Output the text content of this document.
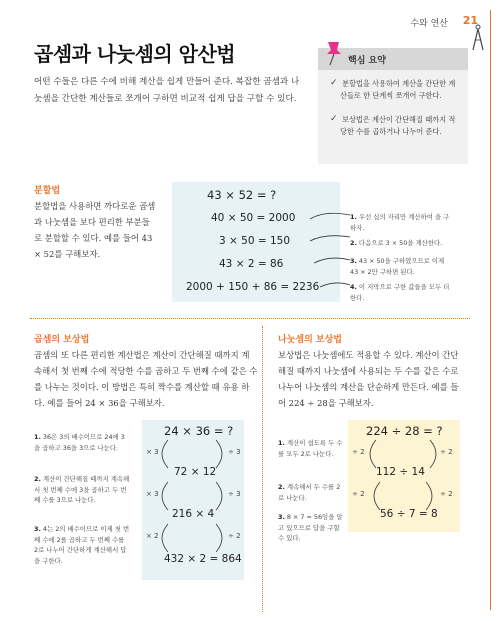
수와 연산 21
곱셈과 나눗셈의 암산법
어떤 수들은 다른 수에 비해 계산을 쉽게 만들어 준다. 복잡한 곱셈과 나눗셈을 간단한 계산들로 쪼개어 구하면 비교적 쉽게 답을 구할 수 있다.
핵심 요약
✓ 분할법을 사용하여 계산을 간단한 계산들로 한 단계씩 쪼개어 구한다.
✓ 보상법은 계산이 간단해질 때까지 적당한 수를 곱하거나 나누어 준다.
분할법
분할법을 사용하면 까다로운 곱셈과 나눗셈을 보다 편리한 부분들로 분할할 수 있다. 예를 들어 43 × 52를 구해보자.
43 × 52 = ?
40 × 50 = 2000
3 × 50 = 150
43 × 2 = 86
2000 + 150 + 86 = 2236
1. 우선 십의 자리만 계산하여 을 구하자.
2. 다음으로 3 × 50을 계산한다.
3. 43 × 50을 구하였으므로 이제 43 × 2만 구하면 된다.
4. 이 지막으로 구한 값들을 모두 더한다.
곱셈의 보상법
곱셈의 또 다른 편리한 계산법은 계산이 간단해질 때까지 계 속해서 첫 번째 수에 적당한 수를 곱하고 두 번째 수에 같은 수를 나누는 것이다. 이 방법은 특히 짝수를 계산할 때 유용 하다. 예를 들어 24 × 36을 구해보자.
24 × 36 = ?
72 × 12
216 × 4
432 × 2 = 864
× 3
× 3
× 2
÷ 3
÷ 3
÷ 2
1. 36은 3의 배수이므로 24에 3을 곱하고 36을 3으로 나눈다.
2. 계산이 간단해질 때까지 계속해서 첫 번째 수에 3을 곱하고 두 번째 수를 3으로 나눈다.
3. 4는 2의 배수이므로 이제 첫 번째 수에 2를 곱하고 두 번째 수를 2로 나누어 간단하게 계산해서 답을 구한다.
나눗셈의 보상법
보상법은 나눗셈에도 적용할 수 있다. 계산이 간단해질 때까지 나눗셈에 사용되는 두 수를 같은 수로 나누어 나눗셈의 계산을 단순하게 만든다. 예를 들어 224 ÷ 28을 구해보자.
224 ÷ 28 = ?
112 ÷ 14
56 ÷ 7 = 8
÷ 2
÷ 2
÷ 2
÷ 2
1. 계산이 쉽도록 두 수를 모두 2로 나눈다.
2. 계속해서 두 수를 2로 나눈다.
3. 8 × 7 = 56임을 알고 있으므로 답을 구할 수 있다.
